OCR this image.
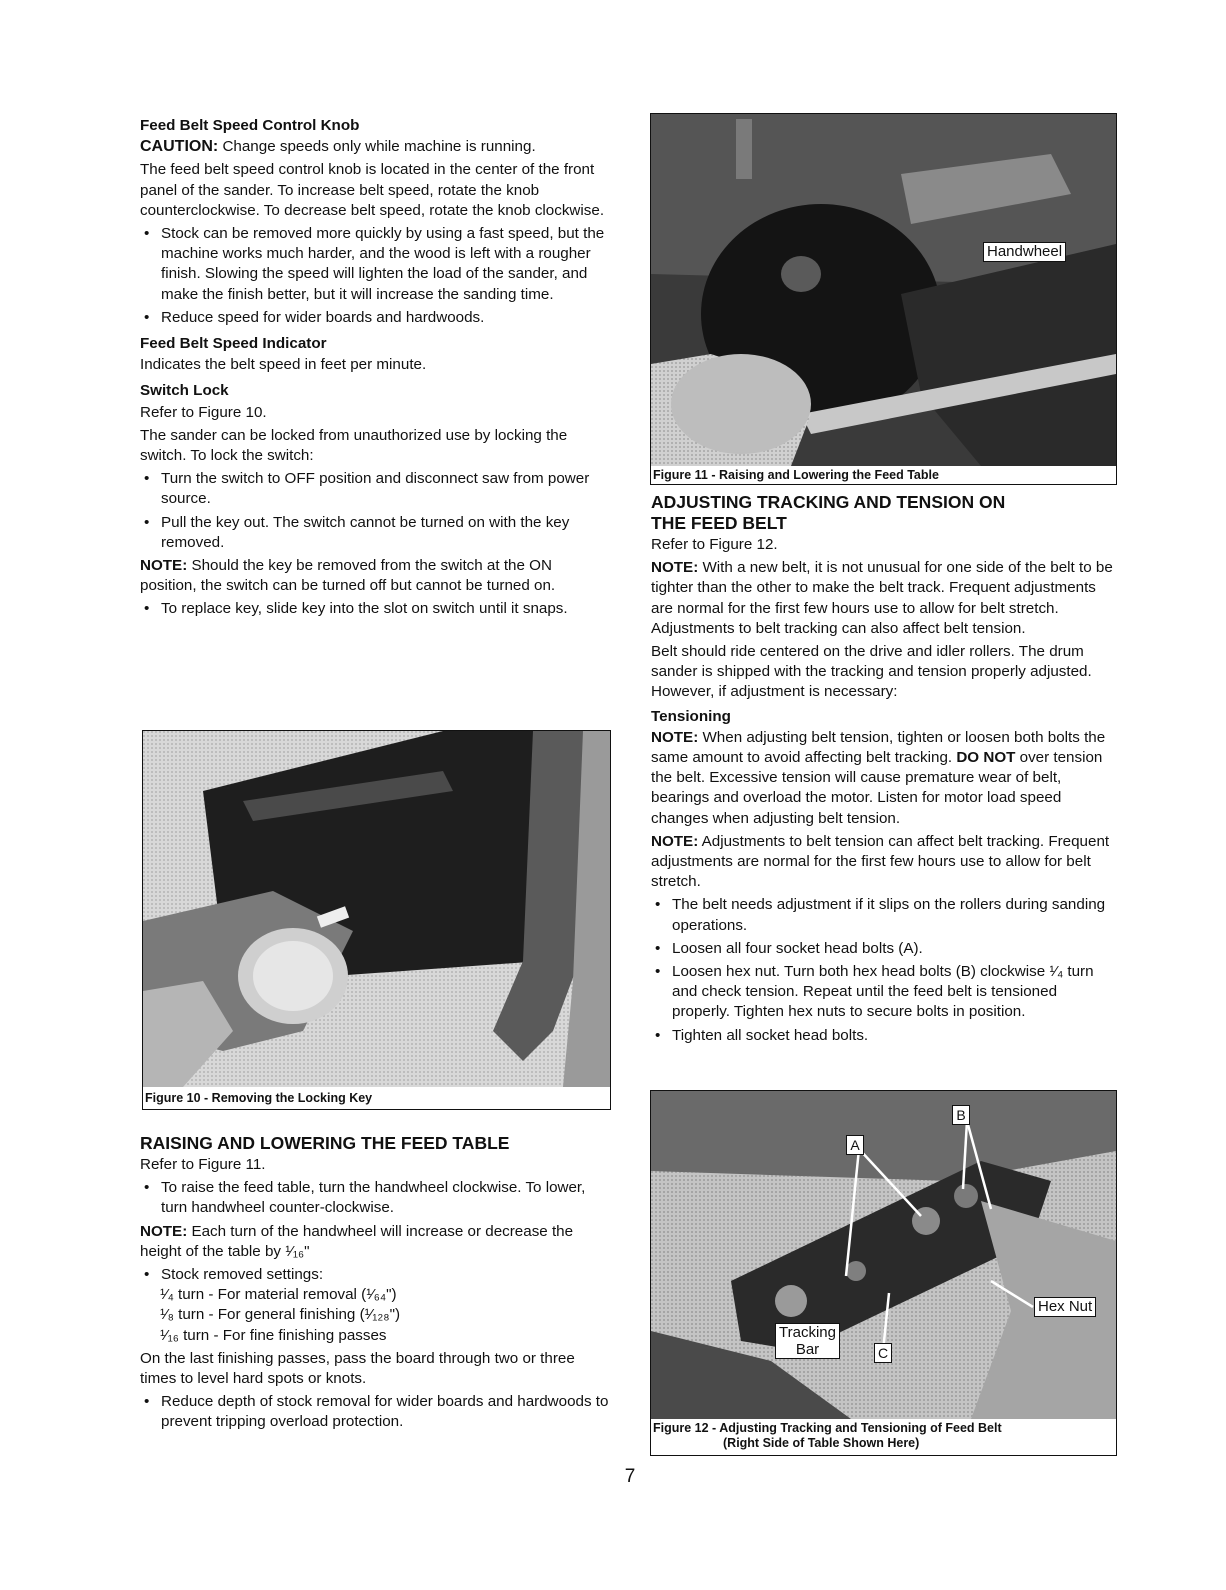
Feed Belt Speed Control Knob

CAUTION: Change speeds only while machine is running.

The feed belt speed control knob is located in the center of the front panel of the sander. To increase belt speed, rotate the knob counterclockwise. To decrease belt speed, rotate the knob clockwise.

• Stock can be removed more quickly by using a fast speed, but the machine works much harder, and the wood is left with a rougher finish. Slowing the speed will lighten the load of the sander, and make the finish better, but it will increase the sanding time.
• Reduce speed for wider boards and hardwoods.
Feed Belt Speed Indicator

Indicates the belt speed in feet per minute.

Switch Lock

Refer to Figure 10.

The sander can be locked from unauthorized use by locking the switch. To lock the switch:

• Turn the switch to OFF position and disconnect saw from power source.
• Pull the key out. The switch cannot be turned on with the key removed.

NOTE: Should the key be removed from the switch at the ON position, the switch can be turned off but cannot be turned on.

• To replace key, slide key into the slot on switch until it snaps.
Figure 10 - Removing the Locking Key
RAISING AND LOWERING THE FEED TABLE

Refer to Figure 11.

• To raise the feed table, turn the handwheel clockwise. To lower, turn handwheel counter-clockwise.

NOTE: Each turn of the handwheel will increase or decrease the height of the table by ¹⁄₁₆"

• Stock removed settings:
¹⁄₄ turn - For material removal (¹⁄₆₄")
¹⁄₈ turn - For general finishing (¹⁄₁₂₈")
¹⁄₁₆ turn - For fine finishing passes

On the last finishing passes, pass the board through two or three times to level hard spots or knots.

• Reduce depth of stock removal for wider boards and hardwoods to prevent tripping overload protection.
Handwheel
Figure 11 - Raising and Lowering the Feed Table
ADJUSTING TRACKING AND TENSION ON
THE FEED BELT

Refer to Figure 12.

NOTE: With a new belt, it is not unusual for one side of the belt to be tighter than the other to make the belt track. Frequent adjustments are normal for the first few hours use to allow for belt stretch. Adjustments to belt tracking can also affect belt tension.

Belt should ride centered on the drive and idler rollers. The drum sander is shipped with the tracking and tension properly adjusted. However, if adjustment is necessary:

Tensioning

NOTE: When adjusting belt tension, tighten or loosen both bolts the same amount to avoid affecting belt tracking. DO NOT over tension the belt. Excessive tension will cause premature wear of belt, bearings and overload the motor. Listen for motor load speed changes when adjusting belt tension.

NOTE: Adjustments to belt tension can affect belt tracking. Frequent adjustments are normal for the first few hours use to allow for belt stretch.

• The belt needs adjustment if it slips on the rollers during sanding operations.
• Loosen all four socket head bolts (A).
• Loosen hex nut. Turn both hex head bolts (B) clockwise ¹⁄₄ turn and check tension. Repeat until the feed belt is tensioned properly. Tighten hex nuts to secure bolts in position.
• Tighten all socket head bolts.
B
A
C
Hex Nut
Tracking
Bar
Figure 12 - Adjusting Tracking and Tensioning of Feed Belt
(Right Side of Table Shown Here)
7
